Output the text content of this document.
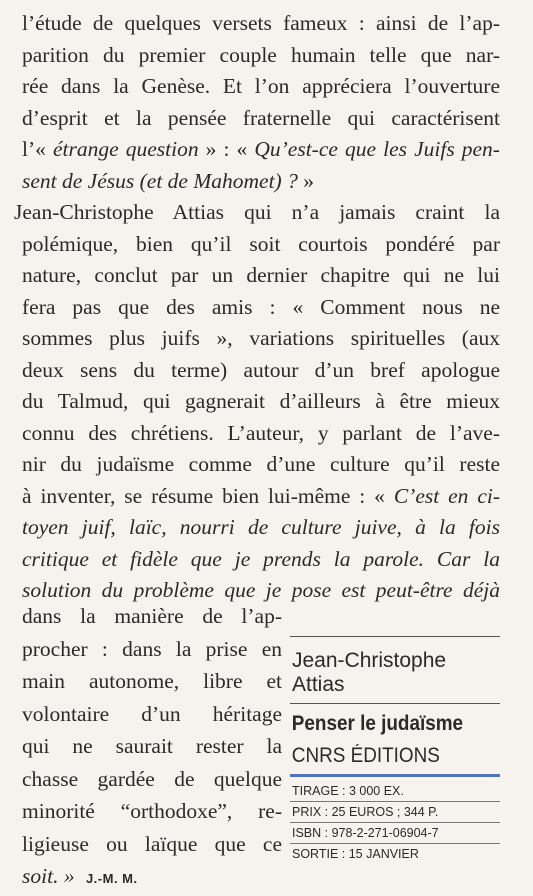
l’étude de quelques versets fameux : ainsi de l’ap-
parition du premier couple humain telle que nar-
rée dans la Genèse. Et l’on appréciera l’ouverture
d’esprit et la pensée fraternelle qui caractérisent
l’« étrange question » : « Qu’est-ce que les Juifs pen-
sent de Jésus (et de Mahomet) ? »
Jean-Christophe Attias qui n’a jamais craint la
polémique, bien qu’il soit courtois pondéré par
nature, conclut par un dernier chapitre qui ne lui
fera pas que des amis : « Comment nous ne
sommes plus juifs », variations spirituelles (aux
deux sens du terme) autour d’un bref apologue
du Talmud, qui gagnerait d’ailleurs à être mieux
connu des chrétiens. L’auteur, y parlant de l’ave-
nir du judaïsme comme d’une culture qu’il reste
à inventer, se résume bien lui-même : « C’est en ci-
toyen juif, laïc, nourri de culture juive, à la fois
critique et fidèle que je prends la parole. Car la
solution du problème que je pose est peut-être déjà
dans la manière de l’ap-
procher : dans la prise en
main autonome, libre et
volontaire d’un héritage
qui ne saurait rester la
chasse gardée de quelque
minorité “orthodoxe”, re-
ligieuse ou laïque que ce
soit. » J.-M. M.
Jean-Christophe Attias
Penser le judaïsme
CNRS ÉDITIONS
TIRAGE : 3 000 EX.
PRIX : 25 EUROS ; 344 P.
ISBN : 978-2-271-06904-7
SORTIE : 15 JANVIER
